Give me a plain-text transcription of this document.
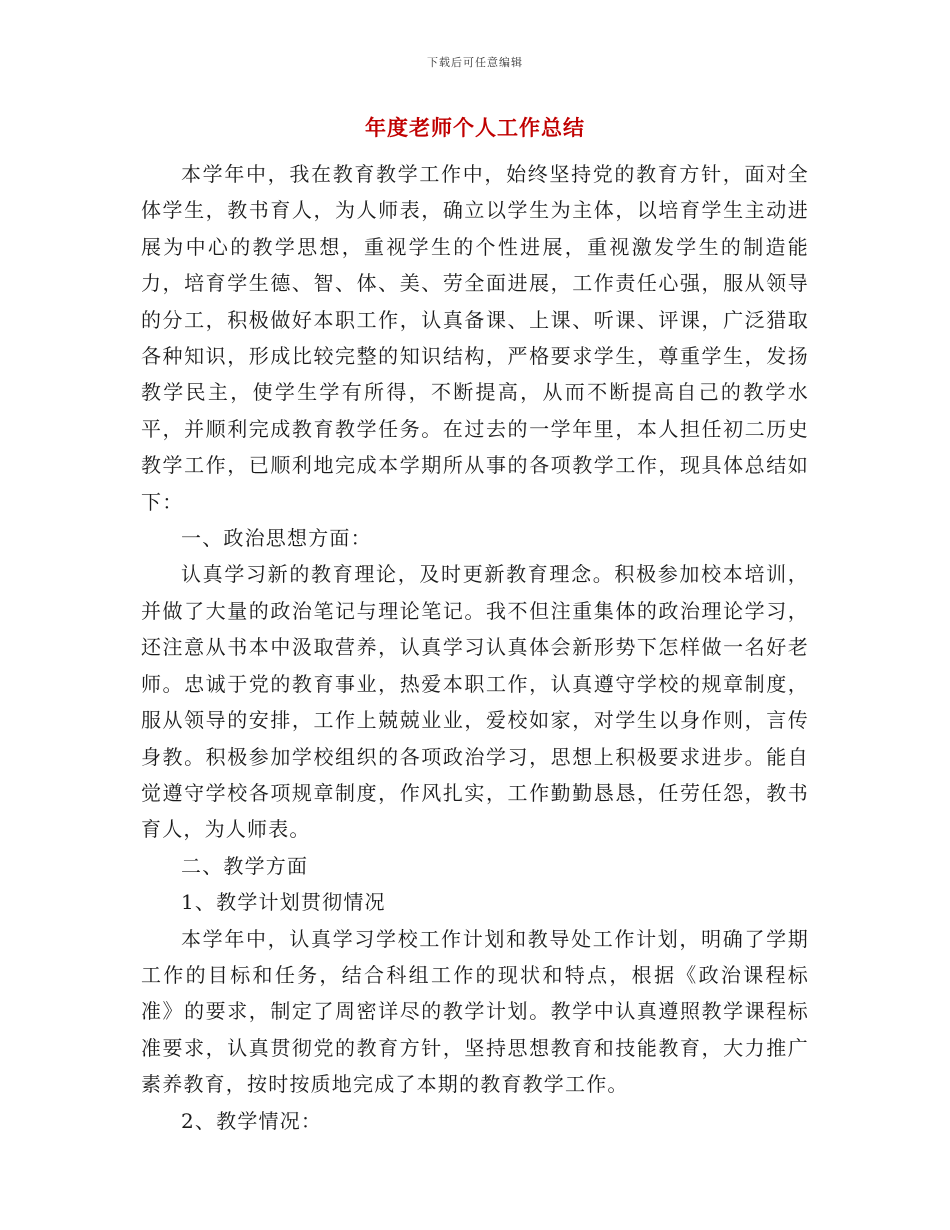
下载后可任意编辑
年度老师个人工作总结

本学年中，我在教育教学工作中，始终坚持党的教育方针，面对全体学生，教书育人，为人师表，确立以学生为主体，以培育学生主动进展为中心的教学思想，重视学生的个性进展，重视激发学生的制造能力，培育学生德、智、体、美、劳全面进展，工作责任心强，服从领导的分工，积极做好本职工作，认真备课、上课、听课、评课，广泛猎取各种知识，形成比较完整的知识结构，严格要求学生，尊重学生，发扬教学民主，使学生学有所得，不断提高，从而不断提高自己的教学水平，并顺利完成教育教学任务。在过去的一学年里，本人担任初二历史教学工作，已顺利地完成本学期所从事的各项教学工作，现具体总结如下：

一、政治思想方面：

认真学习新的教育理论，及时更新教育理念。积极参加校本培训，并做了大量的政治笔记与理论笔记。我不但注重集体的政治理论学习，还注意从书本中汲取营养，认真学习认真体会新形势下怎样做一名好老师。忠诚于党的教育事业，热爱本职工作，认真遵守学校的规章制度，服从领导的安排，工作上兢兢业业，爱校如家，对学生以身作则，言传身教。积极参加学校组织的各项政治学习，思想上积极要求进步。能自觉遵守学校各项规章制度，作风扎实，工作勤勤恳恳，任劳任怨，教书育人，为人师表。

二、教学方面

1、教学计划贯彻情况

本学年中，认真学习学校工作计划和教导处工作计划，明确了学期工作的目标和任务，结合科组工作的现状和特点，根据《政治课程标准》的要求，制定了周密详尽的教学计划。教学中认真遵照教学课程标准要求，认真贯彻党的教育方针，坚持思想教育和技能教育，大力推广素养教育，按时按质地完成了本期的教育教学工作。

2、教学情况：
